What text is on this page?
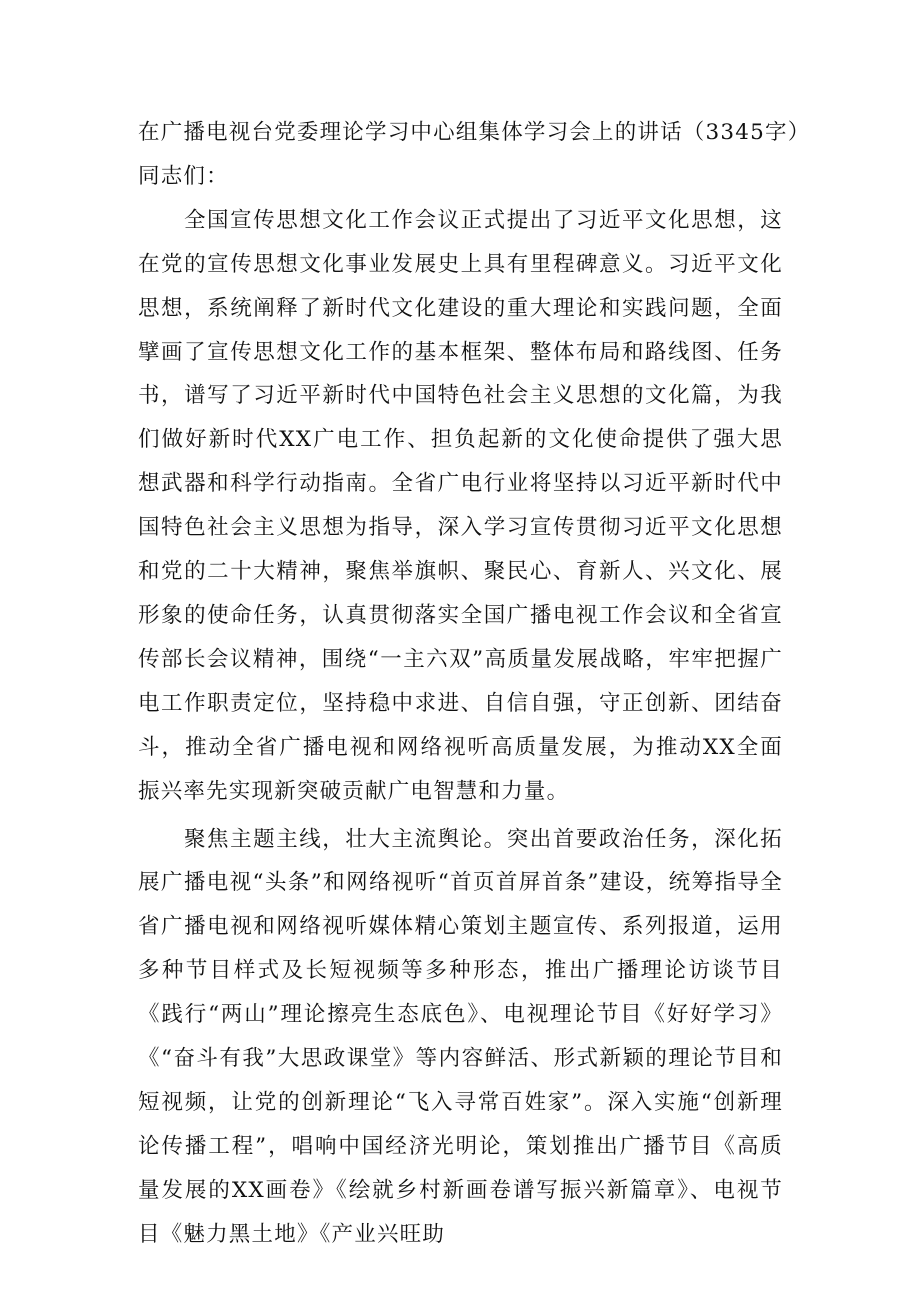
在广播电视台党委理论学习中心组集体学习会上的讲话（3345字）

同志们：

全国宣传思想文化工作会议正式提出了习近平文化思想，这在党的宣传思想文化事业发展史上具有里程碑意义。习近平文化思想，系统阐释了新时代文化建设的重大理论和实践问题，全面擘画了宣传思想文化工作的基本框架、整体布局和路线图、任务书，谱写了习近平新时代中国特色社会主义思想的文化篇，为我们做好新时代XX广电工作、担负起新的文化使命提供了强大思想武器和科学行动指南。全省广电行业将坚持以习近平新时代中国特色社会主义思想为指导，深入学习宣传贯彻习近平文化思想和党的二十大精神，聚焦举旗帜、聚民心、育新人、兴文化、展形象的使命任务，认真贯彻落实全国广播电视工作会议和全省宣传部长会议精神，围绕“一主六双”高质量发展战略，牢牢把握广电工作职责定位，坚持稳中求进、自信自强，守正创新、团结奋斗，推动全省广播电视和网络视听高质量发展，为推动XX全面振兴率先实现新突破贡献广电智慧和力量。

聚焦主题主线，壮大主流舆论。突出首要政治任务，深化拓展广播电视“头条”和网络视听“首页首屏首条”建设，统筹指导全省广播电视和网络视听媒体精心策划主题宣传、系列报道，运用多种节目样式及长短视频等多种形态，推出广播理论访谈节目《践行“两山”理论擦亮生态底色》、电视理论节目《好好学习》《“奋斗有我”大思政课堂》等内容鲜活、形式新颖的理论节目和短视频，让党的创新理论“飞入寻常百姓家”。深入实施“创新理论传播工程”，唱响中国经济光明论，策划推出广播节目《高质量发展的XX画卷》《绘就乡村新画卷谱写振兴新篇章》、电视节目《魅力黑土地》《产业兴旺助
